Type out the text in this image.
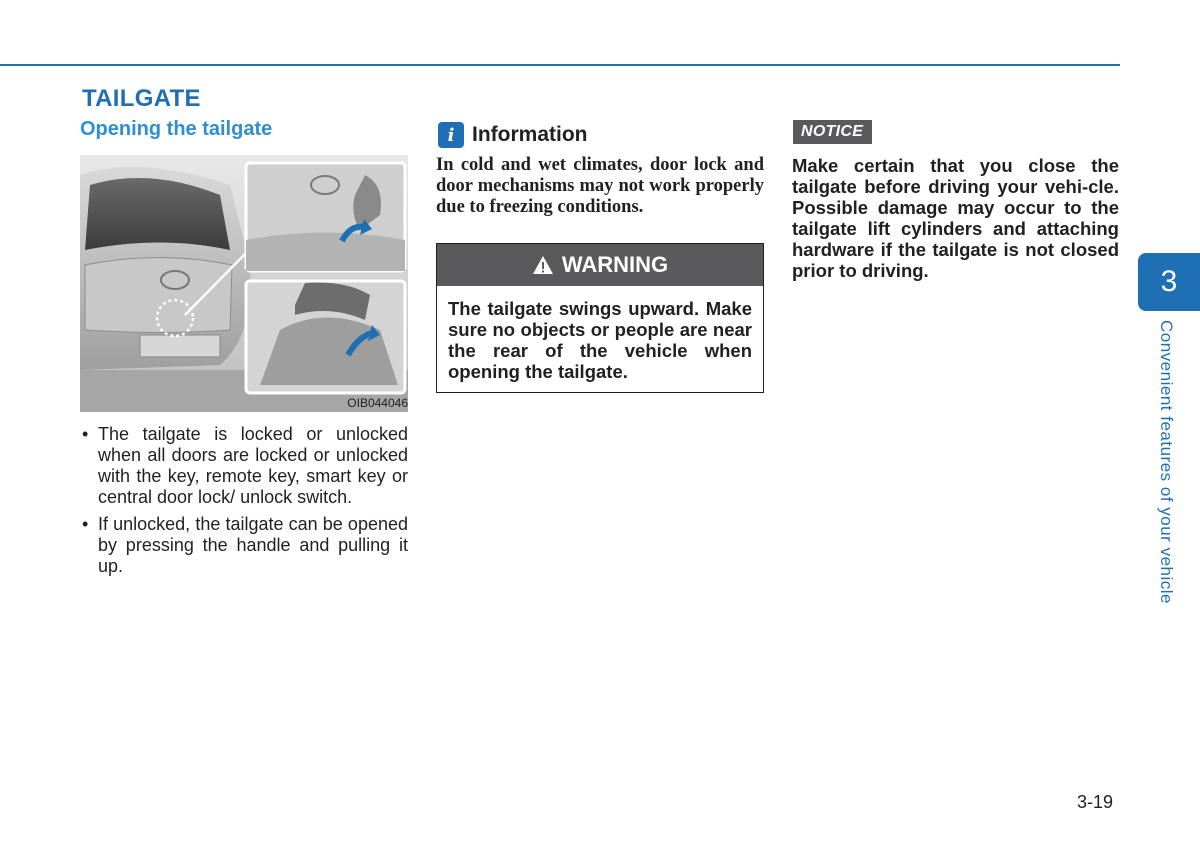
TAILGATE
Opening the tailgate
OIB044046
• The tailgate is locked or unlocked when all doors are locked or unlocked with the key, remote key, smart key or central door lock/ unlock switch.
• If unlocked, the tailgate can be opened by pressing the handle and pulling it up.
i Information
In cold and wet climates, door lock and door mechanisms may not work properly due to freezing conditions.
WARNING
The tailgate swings upward. Make sure no objects or people are near the rear of the vehicle when opening the tailgate.
NOTICE
Make certain that you close the tailgate before driving your vehi-cle. Possible damage may occur to the tailgate lift cylinders and attaching hardware if the tailgate is not closed prior to driving.	3
Convenient features of your vehicle
3-19
